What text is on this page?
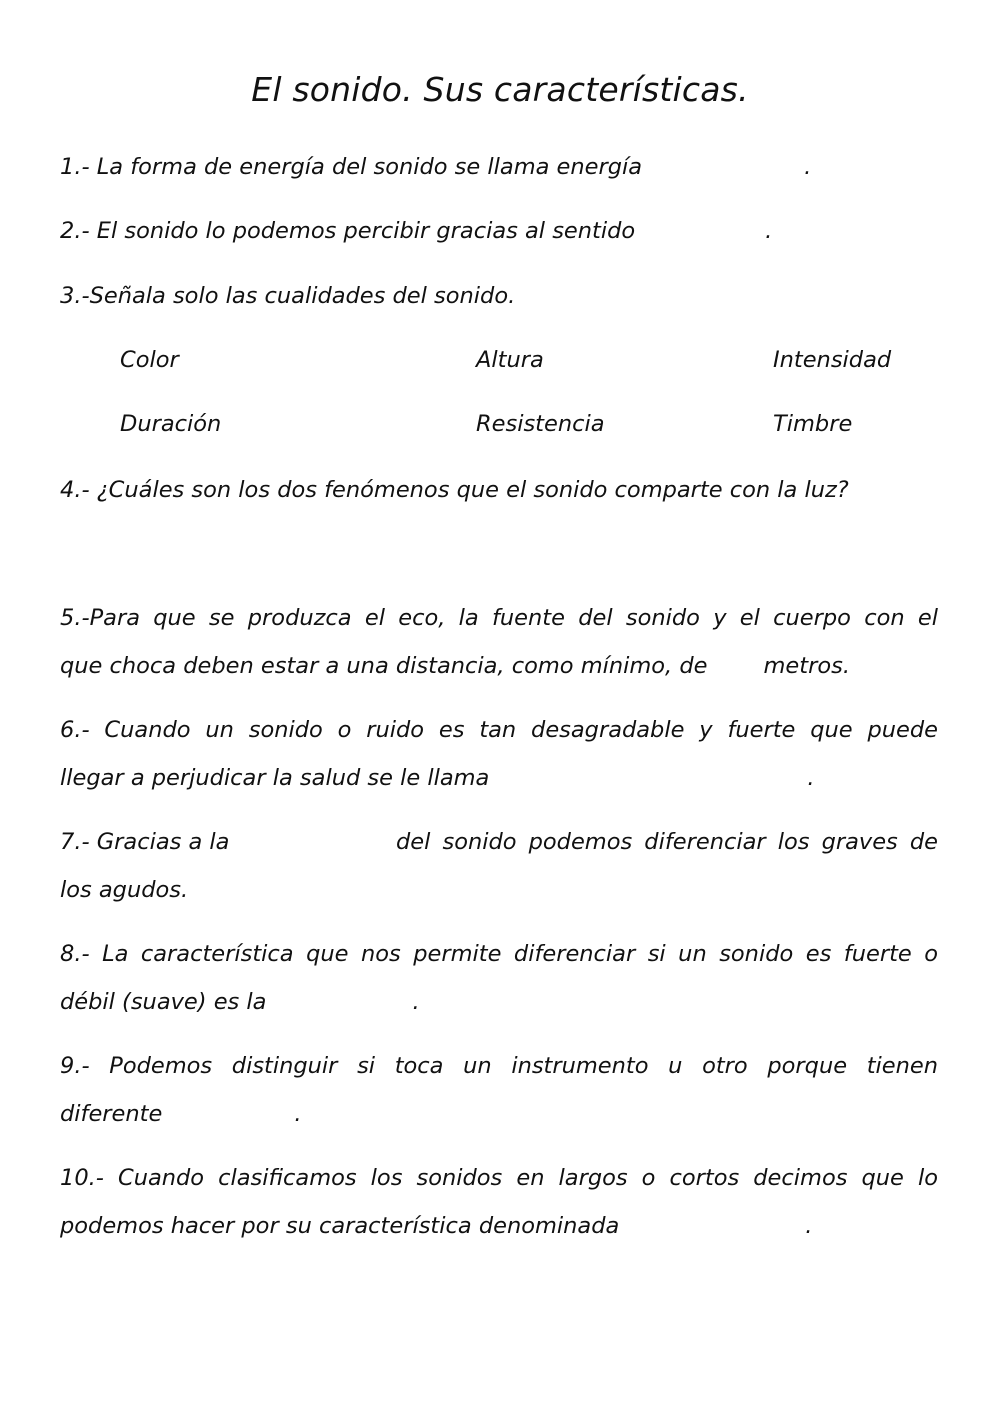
El sonido. Sus características.
1.- La forma de energía del sonido se llama energía	.
2.- El sonido lo podemos percibir gracias al sentido	.
3.-Señala solo las cualidades del sonido.
Color	Altura	Intensidad
Duración	Resistencia	Timbre
4.- ¿Cuáles son los dos fenómenos que el sonido comparte con la luz?
5.-Para que se produzca el eco, la fuente del sonido y el cuerpo con el
que choca deben estar a una distancia, como mínimo, de metros.
6.- Cuando un sonido o ruido es tan desagradable y fuerte que puede
llegar a perjudicar la salud se le llama	.
7.- Gracias a la	del sonido podemos diferenciar los graves de
los agudos.
8.- La característica que nos permite diferenciar si un sonido es fuerte o
débil (suave) es la	.
9.- Podemos distinguir si toca un instrumento u otro porque tienen
diferente	.
10.- Cuando clasificamos los sonidos en largos o cortos decimos que lo
podemos hacer por su característica denominada	.
